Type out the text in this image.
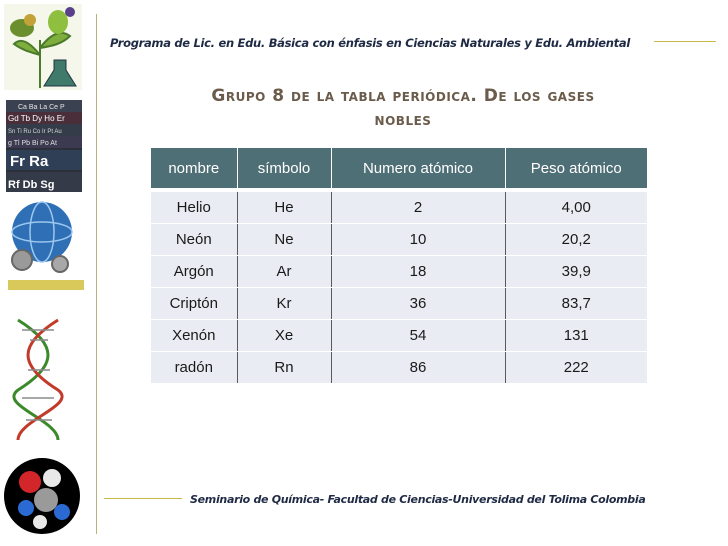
Ca Ba La Ce P
Gd Tb Dy Ho Er
Sn Ti Ru Co Ir Pt Au
g Tl Pb Bi Po At
Fr Ra
Rf Db Sg
Programa de Lic. en Edu. Básica con énfasis en Ciencias Naturales y Edu. Ambiental
Grupo 8 de la tabla periódica. De los gases
nobles
nombre	símbolo	Numero atómico	Peso atómico
Helio	He	2	4,00
Neón	Ne	10	20,2
Argón	Ar	18	39,9
Criptón	Kr	36	83,7
Xenón	Xe	54	131
radón	Rn	86	222
Seminario de Química- Facultad de Ciencias-Universidad del Tolima Colombia
